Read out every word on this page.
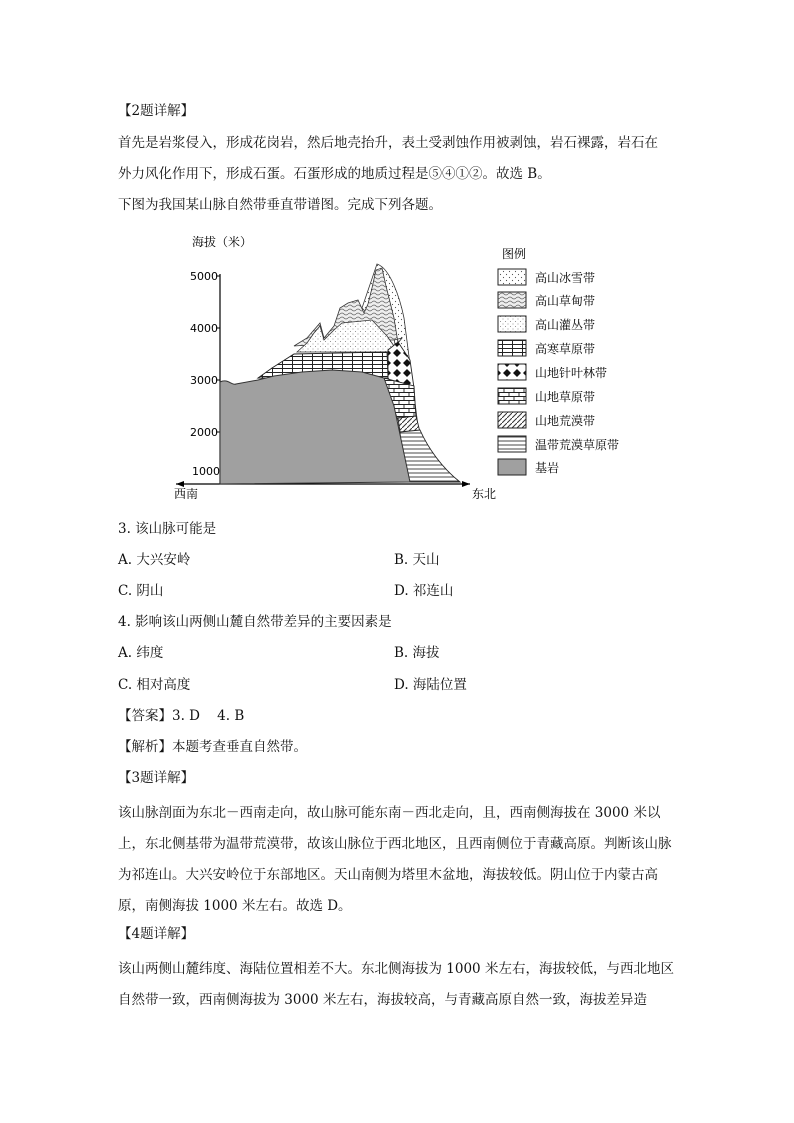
【2题详解】
首先是岩浆侵入，形成花岗岩，然后地壳抬升，表土受剥蚀作用被剥蚀，岩石裸露，岩石在
外力风化作用下，形成石蛋。石蛋形成的地质过程是⑤④①②。故选 B。
下图为我国某山脉自然带垂直带谱图。完成下列各题。
海拔（米）
5000
4000
3000
2000
1000
西南	东北
图例
高山冰雪带
高山草甸带
高山灌丛带
高寒草原带
山地针叶林带
山地草原带
山地荒漠带
温带荒漠草原带
基岩
3. 该山脉可能是
A. 大兴安岭	B. 天山
C. 阴山	D. 祁连山
4. 影响该山两侧山麓自然带差异的主要因素是
A. 纬度	B. 海拔
C. 相对高度	D. 海陆位置
【答案】3. D    4. B
【解析】本题考查垂直自然带。
【3题详解】
该山脉剖面为东北－西南走向，故山脉可能东南－西北走向，且，西南侧海拔在 3000 米以上，东北侧基带为温带荒漠带，故该山脉位于西北地区，且西南侧位于青藏高原。判断该山脉为祁连山。大兴安岭位于东部地区。天山南侧为塔里木盆地，海拔较低。阴山位于内蒙古高原，南侧海拔 1000 米左右。故选 D。
【4题详解】
该山两侧山麓纬度、海陆位置相差不大。东北侧海拔为 1000 米左右，海拔较低，与西北地区自然带一致，西南侧海拔为 3000 米左右，海拔较高，与青藏高原自然一致，海拔差异造
